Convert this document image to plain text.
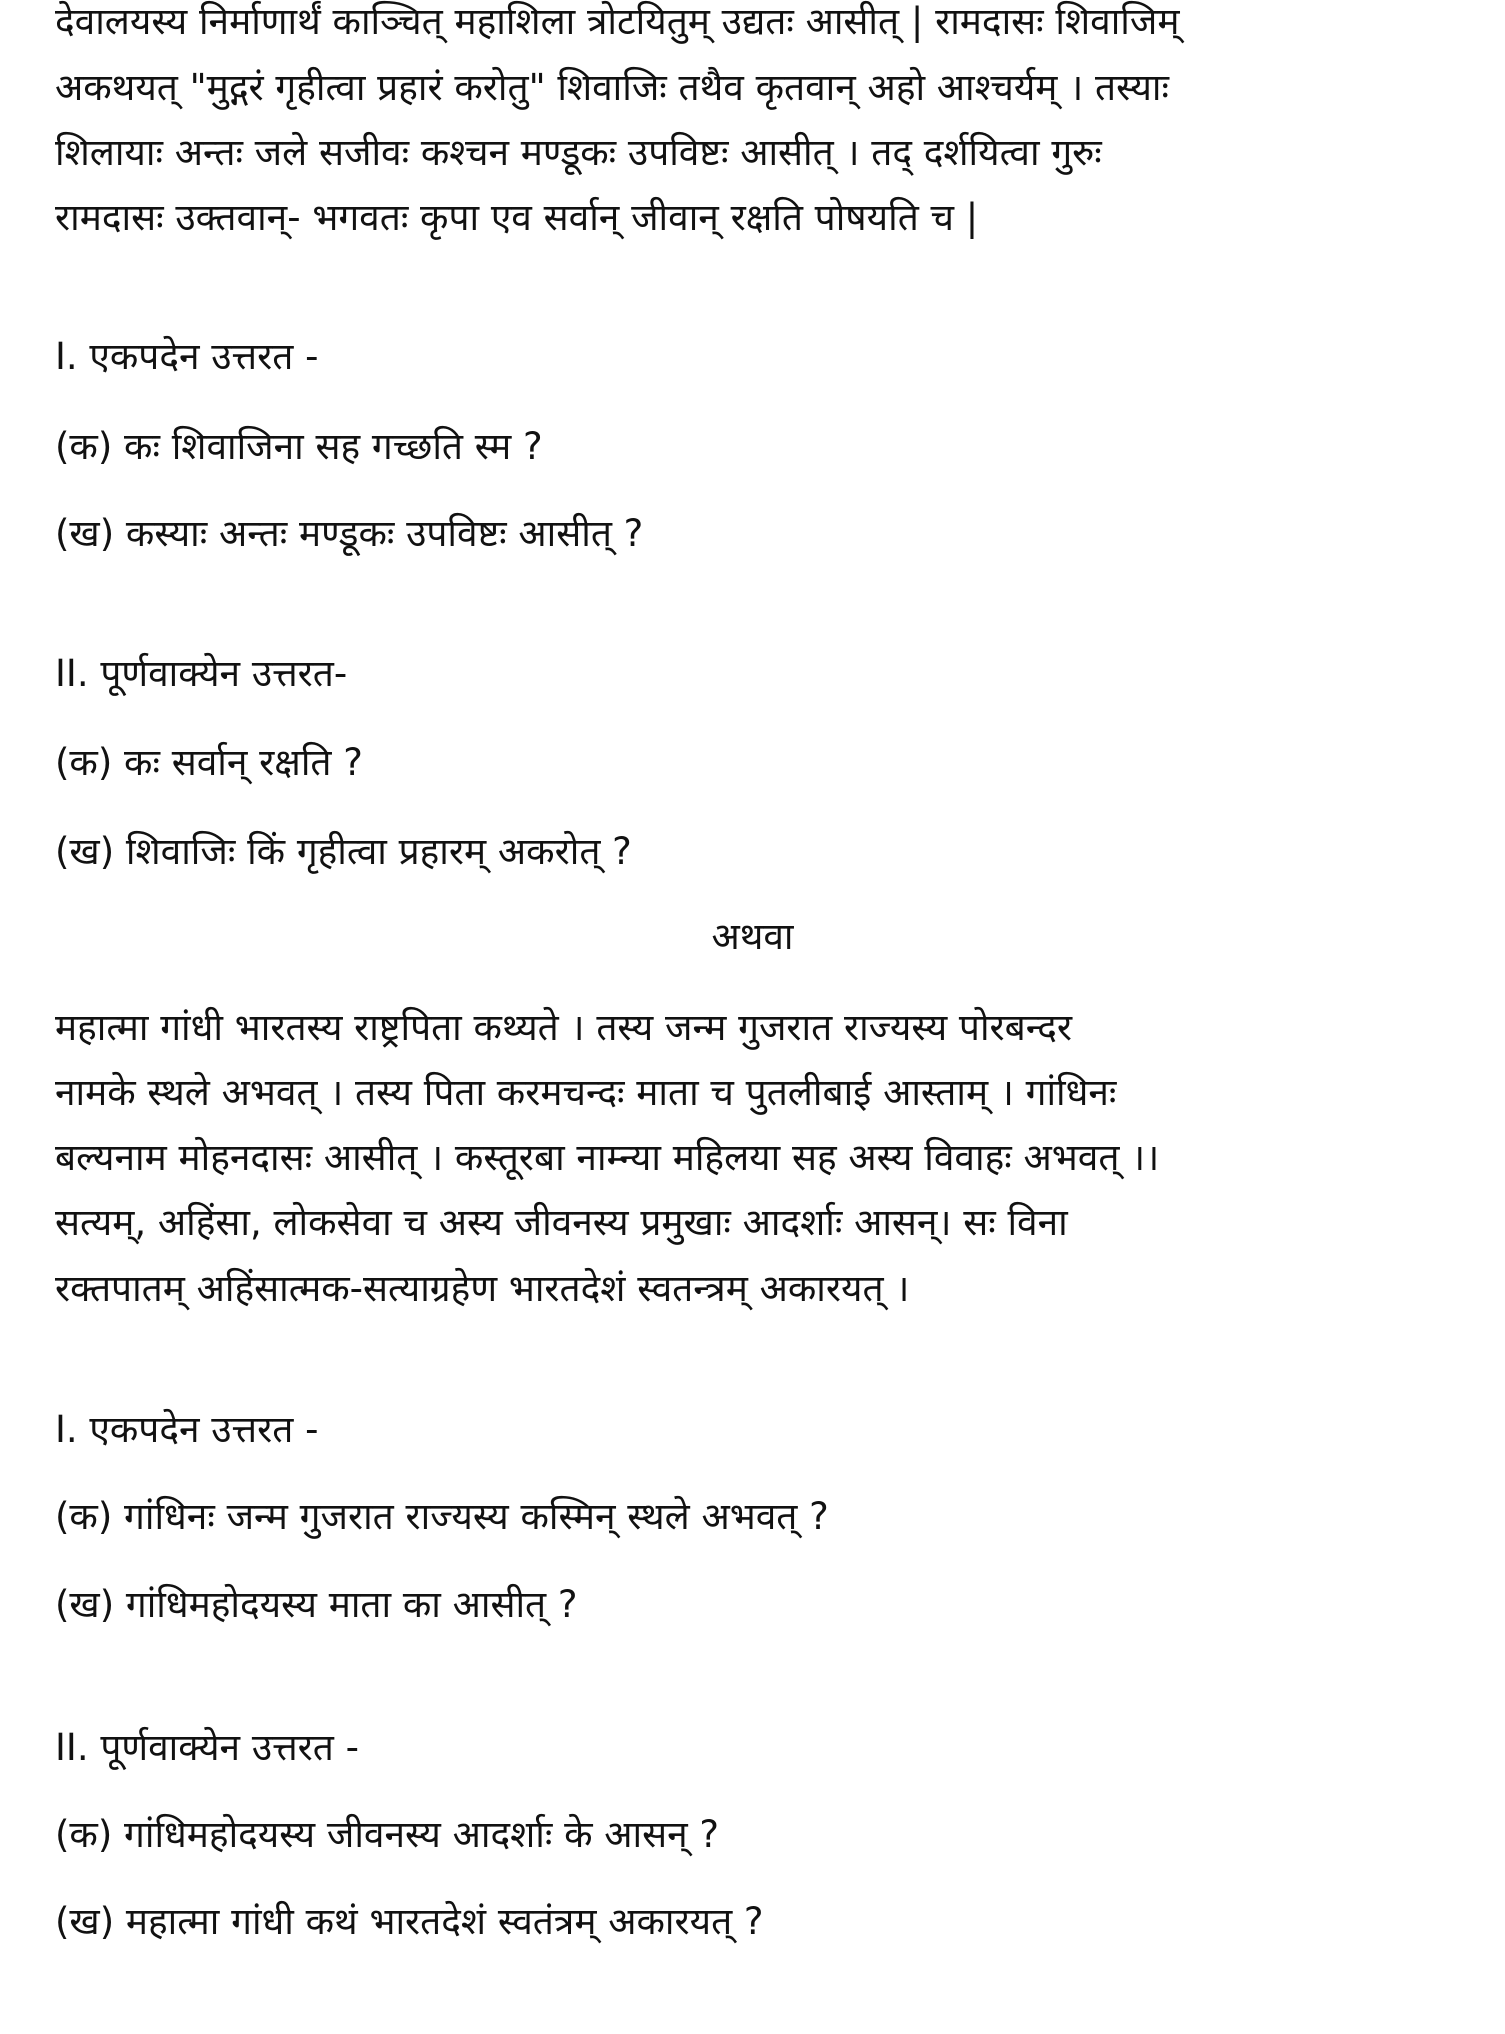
देवालयस्य निर्माणार्थं काञ्चित् महाशिला त्रोटयितुम् उद्यतः आसीत् | रामदासः शिवाजिम्
अकथयत् "मुद्गरं गृहीत्वा प्रहारं करोतु" शिवाजिः तथैव कृतवान् अहो आश्चर्यम् । तस्याः
शिलायाः अन्तः जले सजीवः कश्चन मण्डूकः उपविष्टः आसीत् । तद् दर्शयित्वा गुरुः
रामदासः उक्तवान्- भगवतः कृपा एव सर्वान् जीवान् रक्षति पोषयति च |
I. एकपदेन उत्तरत -
(क) कः शिवाजिना सह गच्छति स्म ?
(ख) कस्याः अन्तः मण्डूकः उपविष्टः आसीत् ?
II. पूर्णवाक्येन उत्तरत-
(क) कः सर्वान् रक्षति ?
(ख) शिवाजिः किं गृहीत्वा प्रहारम् अकरोत् ?
अथवा
महात्मा गांधी भारतस्य राष्ट्रपिता कथ्यते । तस्य जन्म गुजरात राज्यस्य पोरबन्दर
नामके स्थले अभवत् । तस्य पिता करमचन्दः माता च पुतलीबाई आस्ताम् । गांधिनः
बल्यनाम मोहनदासः आसीत् । कस्तूरबा नाम्न्या महिलया सह अस्य विवाहः अभवत् ।।
सत्यम्, अहिंसा, लोकसेवा च अस्य जीवनस्य प्रमुखाः आदर्शाः आसन्। सः विना
रक्तपातम् अहिंसात्मक-सत्याग्रहेण भारतदेशं स्वतन्त्रम् अकारयत् ।
I. एकपदेन उत्तरत -
(क) गांधिनः जन्म गुजरात राज्यस्य कस्मिन् स्थले अभवत् ?
(ख) गांधिमहोदयस्य माता का आसीत् ?
II. पूर्णवाक्येन उत्तरत -
(क) गांधिमहोदयस्य जीवनस्य आदर्शाः के आसन् ?
(ख) महात्मा गांधी कथं भारतदेशं स्वतंत्रम् अकारयत् ?
